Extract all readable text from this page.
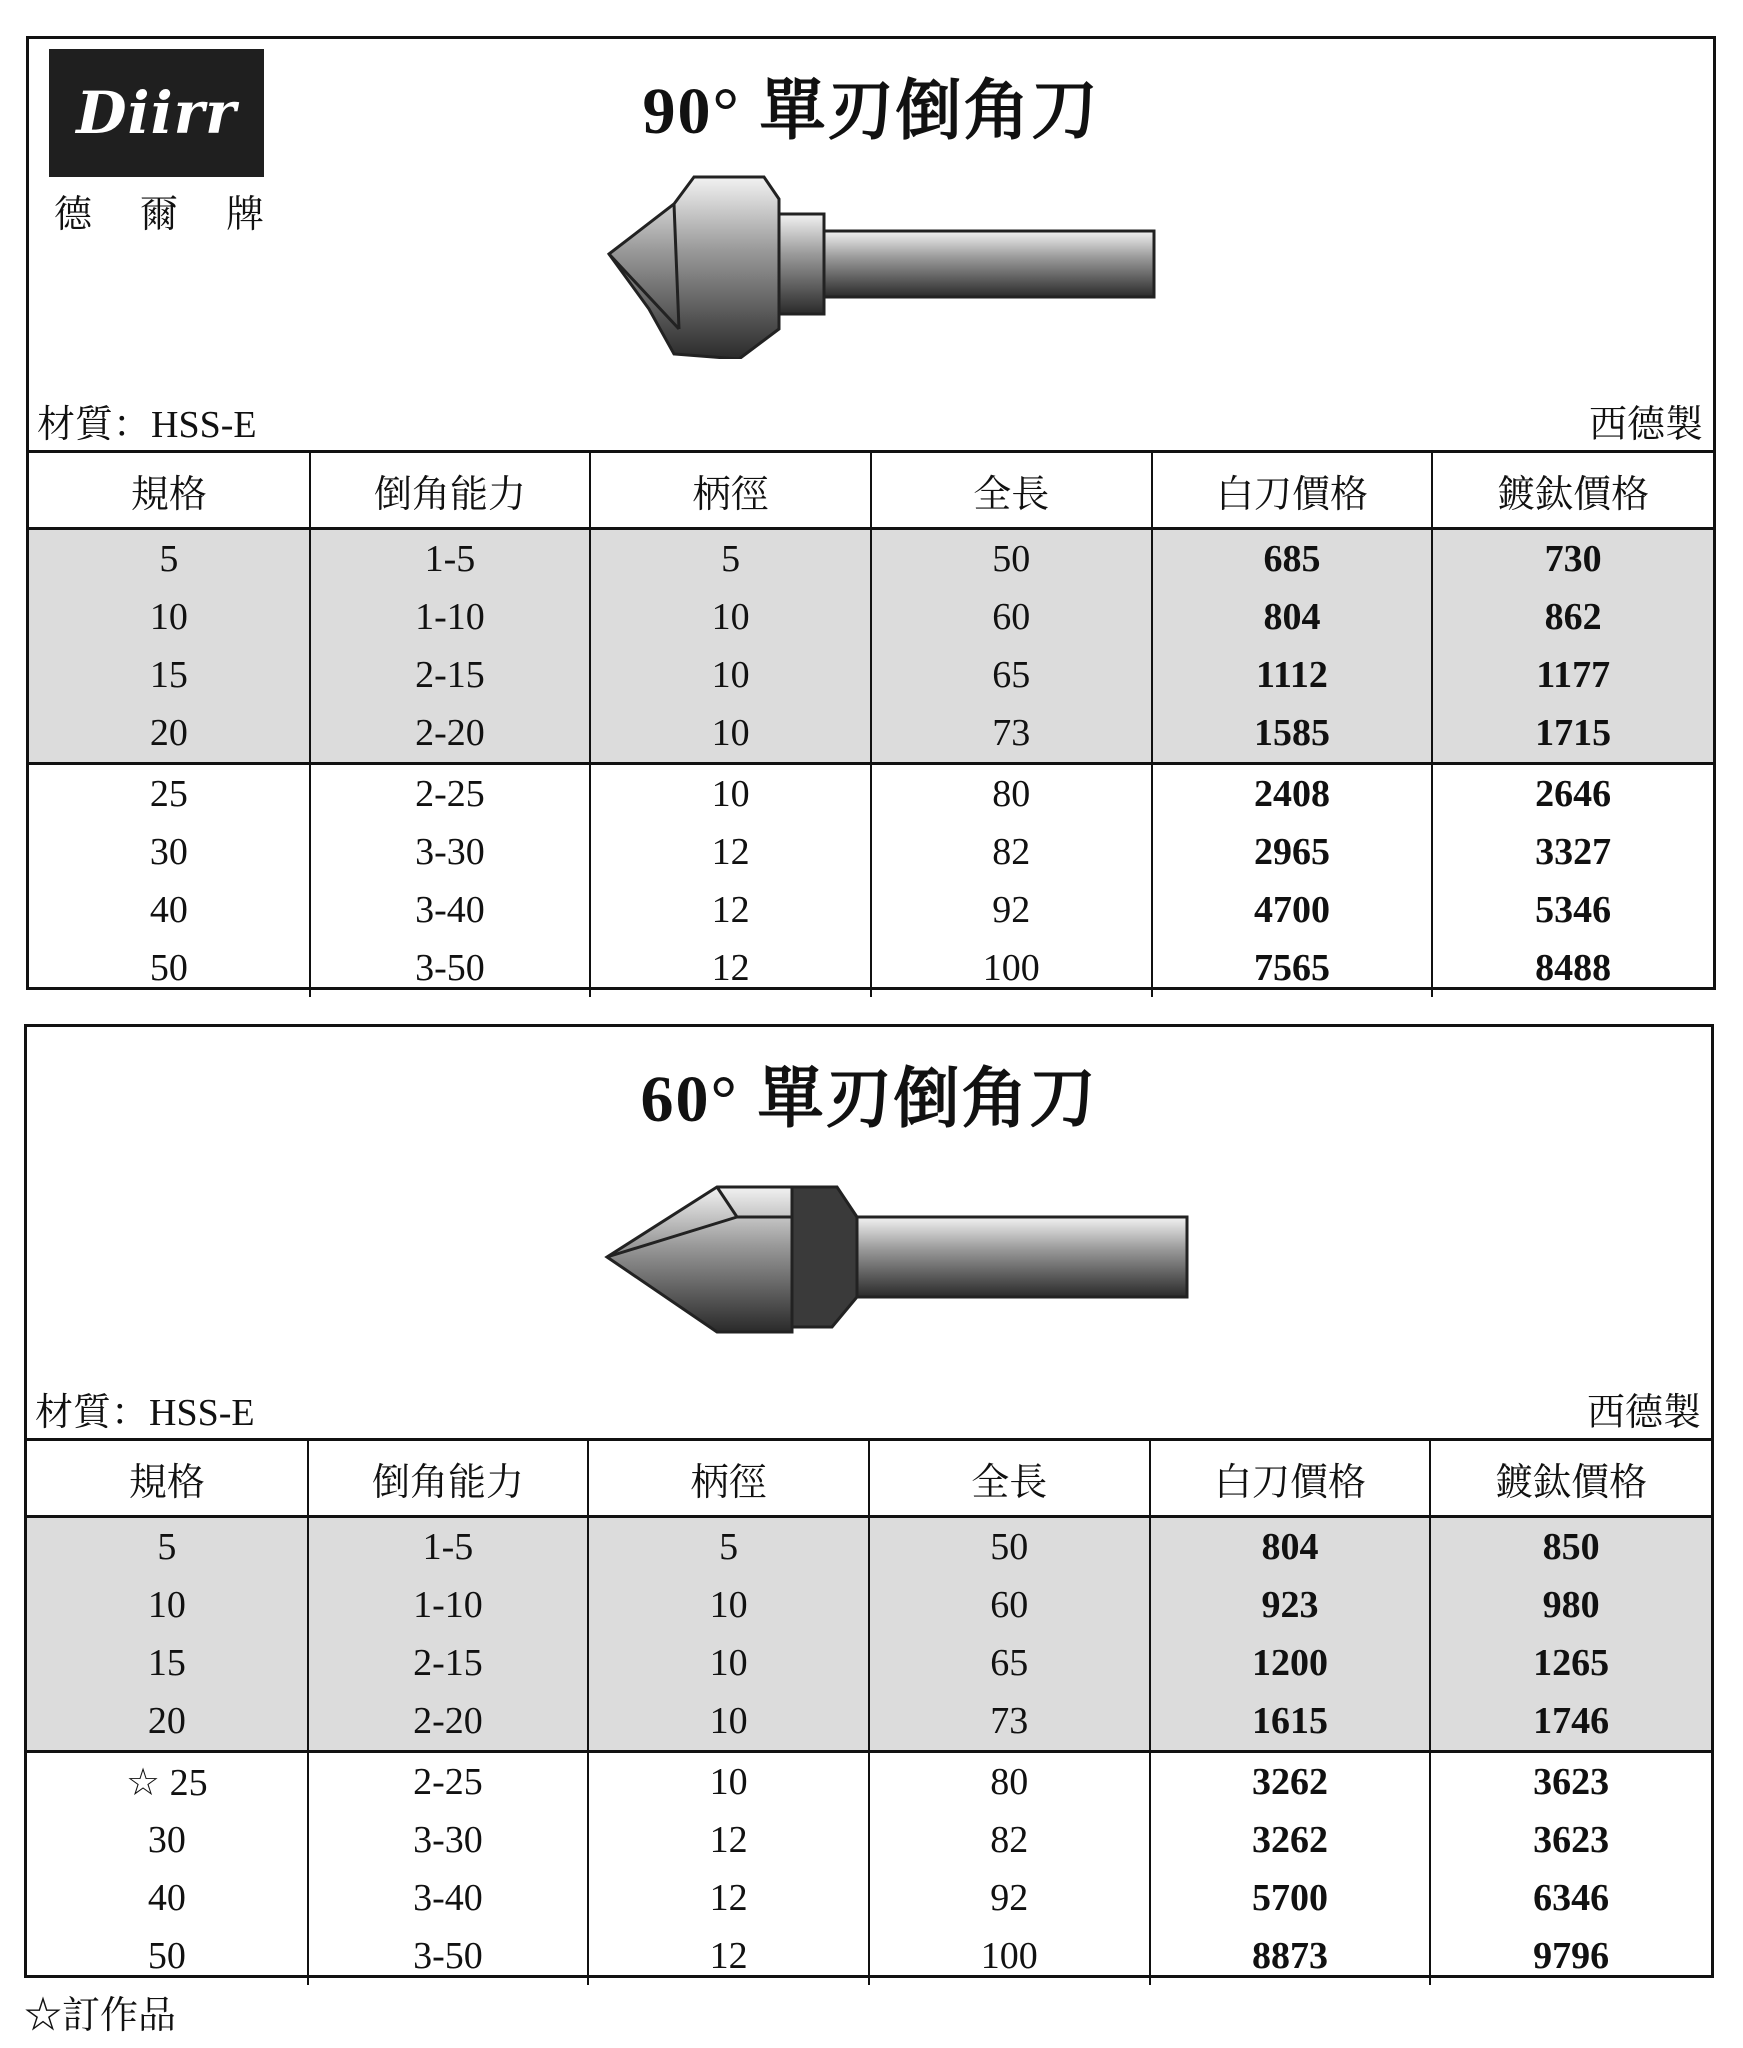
Diirr
德 爾 牌
90° 單刃倒角刀
材質：HSS-E	西德製
規格	倒角能力	柄徑	全長	白刀價格	鍍鈦價格
5	1-5	5	50	685	730
10	1-10	10	60	804	862
15	2-15	10	65	1112	1177
20	2-20	10	73	1585	1715
25	2-25	10	80	2408	2646
30	3-30	12	82	2965	3327
40	3-40	12	92	4700	5346
50	3-50	12	100	7565	8488
60° 單刃倒角刀
材質：HSS-E	西德製
規格	倒角能力	柄徑	全長	白刀價格	鍍鈦價格
5	1-5	5	50	804	850
10	1-10	10	60	923	980
15	2-15	10	65	1200	1265
20	2-20	10	73	1615	1746
☆ 25	2-25	10	80	3262	3623
30	3-30	12	82	3262	3623
40	3-40	12	92	5700	6346
50	3-50	12	100	8873	9796
☆訂作品
